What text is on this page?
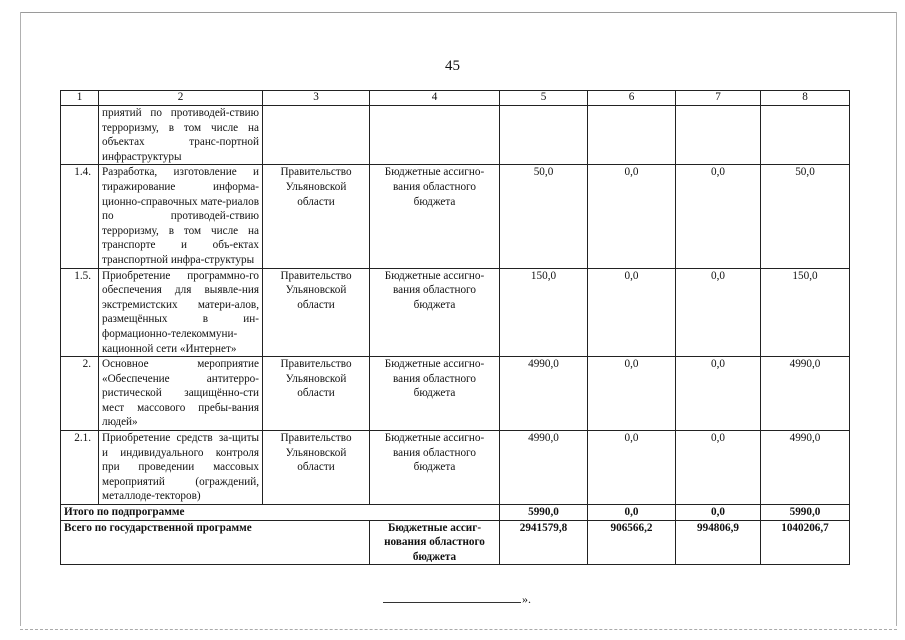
45
1	2	3	4	5	6	7	8
	приятий по противодей-ствию терроризму, в том числе на объектах транс-портной инфраструктуры						
1.4.	Разработка, изготовление и тиражирование информа-ционно-справочных мате-риалов по противодей-ствию терроризму, в том числе на транспорте и объ-ектах транспортной инфра-структуры	Правительство Ульяновской области	Бюджетные ассигно-вания областного бюджета	50,0	0,0	0,0	50,0
1.5.	Приобретение программно-го обеспечения для выявле-ния экстремистских матери-алов, размещённых в ин-формационно-телекоммуни-кационной сети «Интернет»	Правительство Ульяновской области	Бюджетные ассигно-вания областного бюджета	150,0	0,0	0,0	150,0
2.	Основное мероприятие «Обеспечение антитерро-ристической защищённо-сти мест массового пребы-вания людей»	Правительство Ульяновской области	Бюджетные ассигно-вания областного бюджета	4990,0	0,0	0,0	4990,0
2.1.	Приобретение средств за-щиты и индивидуального контроля при проведении массовых мероприятий (ограждений, металлоде-текторов)	Правительство Ульяновской области	Бюджетные ассигно-вания областного бюджета	4990,0	0,0	0,0	4990,0
Итого по подпрограмме				5990,0	0,0	0,0	5990,0
Всего по государственной программе			Бюджетные ассиг-нования областного бюджета	2941579,8	906566,2	994806,9	1040206,7
».
